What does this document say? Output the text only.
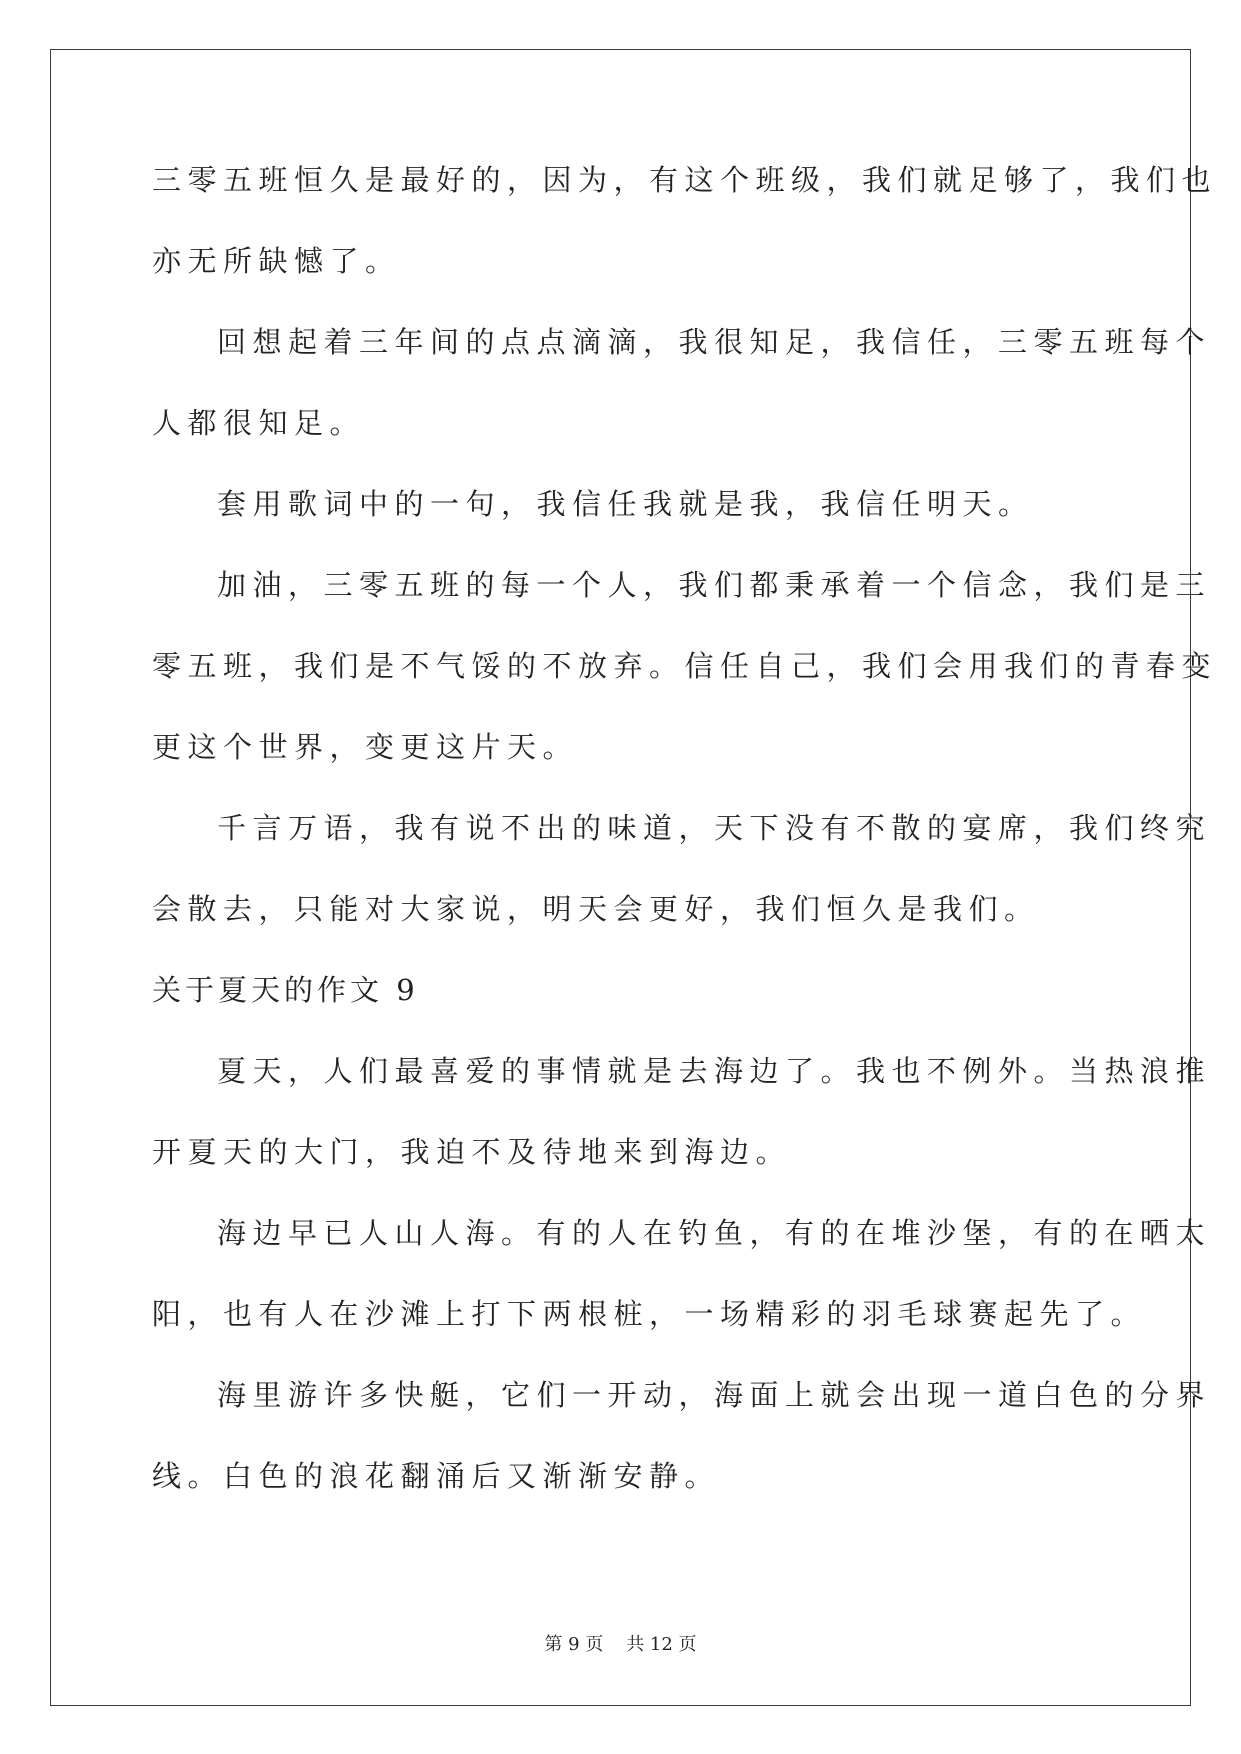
三零五班恒久是最好的，因为，有这个班级，我们就足够了，我们也
亦无所缺憾了。
回想起着三年间的点点滴滴，我很知足，我信任，三零五班每个
人都很知足。
套用歌词中的一句，我信任我就是我，我信任明天。
加油，三零五班的每一个人，我们都秉承着一个信念，我们是三
零五班，我们是不气馁的不放弃。信任自己，我们会用我们的青春变
更这个世界，变更这片天。
千言万语，我有说不出的味道，天下没有不散的宴席，我们终究
会散去，只能对大家说，明天会更好，我们恒久是我们。
关于夏天的作文 9
夏天，人们最喜爱的事情就是去海边了。我也不例外。当热浪推
开夏天的大门，我迫不及待地来到海边。
海边早已人山人海。有的人在钓鱼，有的在堆沙堡，有的在晒太
阳，也有人在沙滩上打下两根桩，一场精彩的羽毛球赛起先了。
海里游许多快艇，它们一开动，海面上就会出现一道白色的分界
线。白色的浪花翻涌后又渐渐安静。
第 9 页    共 12 页
